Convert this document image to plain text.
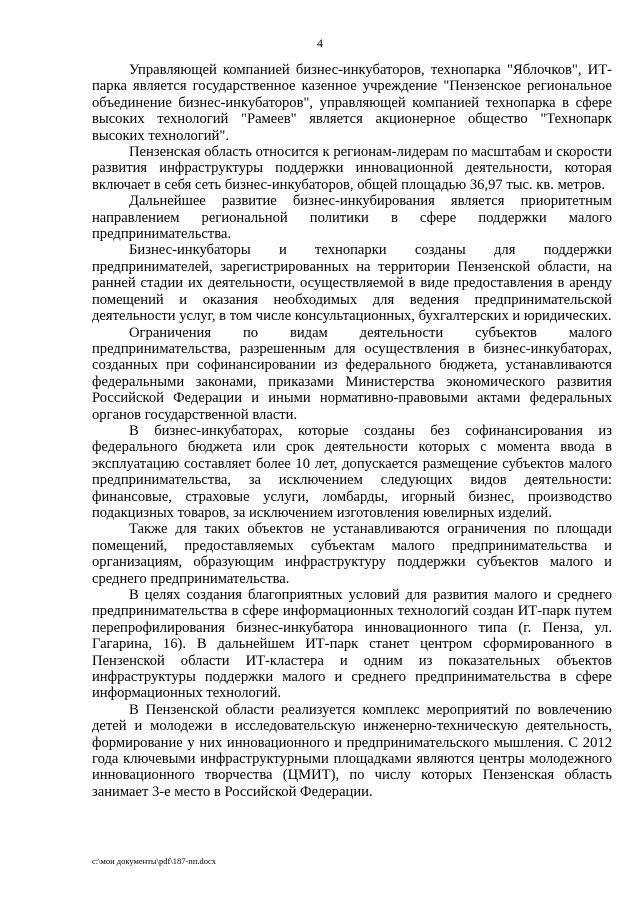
4

Управляющей компанией бизнес-инкубаторов, технопарка "Яблочков", ИТ-парка является государственное казенное учреждение "Пензенское региональное объединение бизнес-инкубаторов", управляющей компанией технопарка в сфере высоких технологий "Рамеев" является акционерное общество "Технопарк высоких технологий".

Пензенская область относится к регионам-лидерам по масштабам и скорости развития инфраструктуры поддержки инновационной деятельности, которая включает в себя сеть бизнес-инкубаторов, общей площадью 36,97 тыс. кв. метров.

Дальнейшее развитие бизнес-инкубирования является приоритетным направлением региональной политики в сфере поддержки малого предпринимательства.

Бизнес-инкубаторы и технопарки созданы для поддержки предпринимателей, зарегистрированных на территории Пензенской области, на ранней стадии их деятельности, осуществляемой в виде предоставления в аренду помещений и оказания необходимых для ведения предпринимательской деятельности услуг, в том числе консультационных, бухгалтерских и юридических.

Ограничения по видам деятельности субъектов малого предпринимательства, разрешенным для осуществления в бизнес-инкубаторах, созданных при софинансировании из федерального бюджета, устанавливаются федеральными законами, приказами Министерства экономического развития Российской Федерации и иными нормативно-правовыми актами федеральных органов государственной власти.

В бизнес-инкубаторах, которые созданы без софинансирования из федерального бюджета или срок деятельности которых с момента ввода в эксплуатацию составляет более 10 лет, допускается размещение субъектов малого предпринимательства, за исключением следующих видов деятельности: финансовые, страховые услуги, ломбарды, игорный бизнес, производство подакцизных товаров, за исключением изготовления ювелирных изделий.

Также для таких объектов не устанавливаются ограничения по площади помещений, предоставляемых субъектам малого предпринимательства и организациям, образующим инфраструктуру поддержки субъектов малого и среднего предпринимательства.

В целях создания благоприятных условий для развития малого и среднего предпринимательства в сфере информационных технологий создан ИТ-парк путем перепрофилирования бизнес-инкубатора инновационного типа (г. Пенза, ул. Гагарина, 16). В дальнейшем ИТ-парк станет центром сформированного в Пензенской области ИТ-кластера и одним из показательных объектов инфраструктуры поддержки малого и среднего предпринимательства в сфере информационных технологий.

В Пензенской области реализуется комплекс мероприятий по вовлечению детей и молодежи в исследовательскую инженерно-техническую деятельность, формирование у них инновационного и предпринимательского мышления. С 2012 года ключевыми инфраструктурными площадками являются центры молодежного инновационного творчества (ЦМИТ), по числу которых Пензенская область занимает 3-е место в Российской Федерации.

c:\мои документы\pdf\187-пп.docx
